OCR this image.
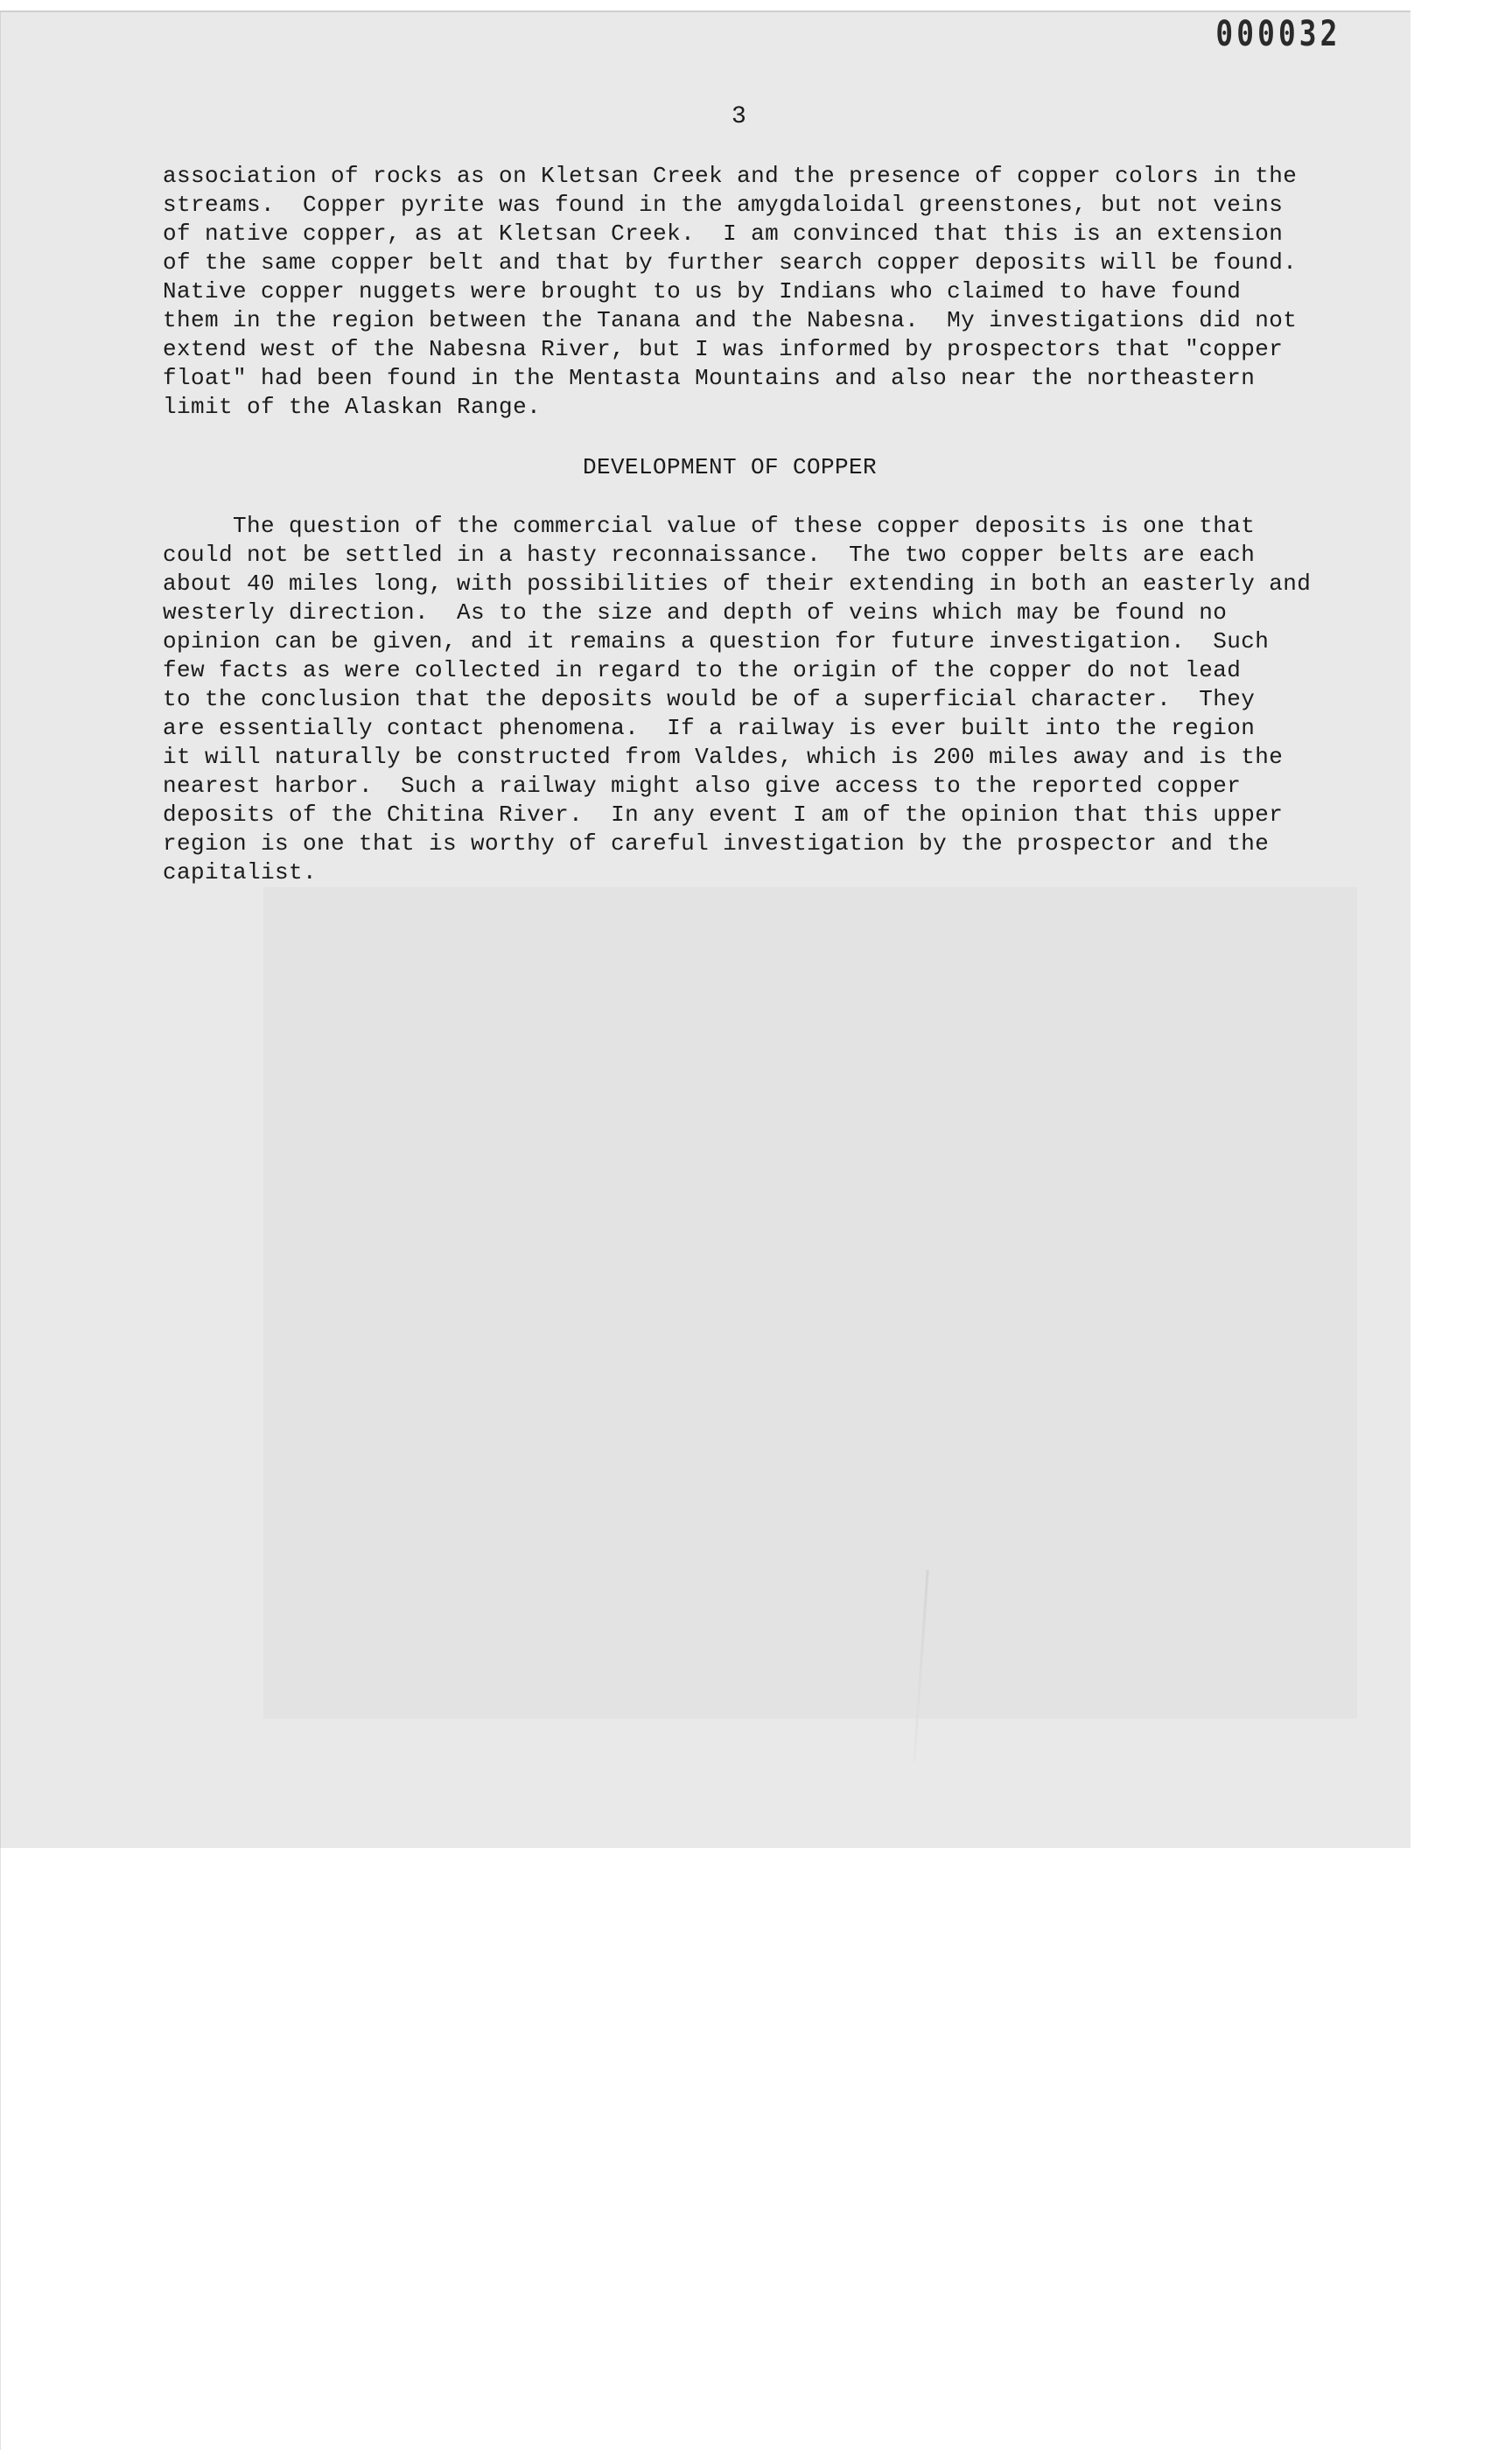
000032
3
association of rocks as on Kletsan Creek and the presence of copper colors in the
streams.  Copper pyrite was found in the amygdaloidal greenstones, but not veins
of native copper, as at Kletsan Creek.  I am convinced that this is an extension
of the same copper belt and that by further search copper deposits will be found.
Native copper nuggets were brought to us by Indians who claimed to have found
them in the region between the Tanana and the Nabesna.  My investigations did not
extend west of the Nabesna River, but I was informed by prospectors that "copper
float" had been found in the Mentasta Mountains and also near the northeastern
limit of the Alaskan Range.
DEVELOPMENT OF COPPER
The question of the commercial value of these copper deposits is one that
could not be settled in a hasty reconnaissance.  The two copper belts are each
about 40 miles long, with possibilities of their extending in both an easterly and
westerly direction.  As to the size and depth of veins which may be found no
opinion can be given, and it remains a question for future investigation.  Such
few facts as were collected in regard to the origin of the copper do not lead
to the conclusion that the deposits would be of a superficial character.  They
are essentially contact phenomena.  If a railway is ever built into the region
it will naturally be constructed from Valdes, which is 200 miles away and is the
nearest harbor.  Such a railway might also give access to the reported copper
deposits of the Chitina River.  In any event I am of the opinion that this upper
region is one that is worthy of careful investigation by the prospector and the
capitalist.
